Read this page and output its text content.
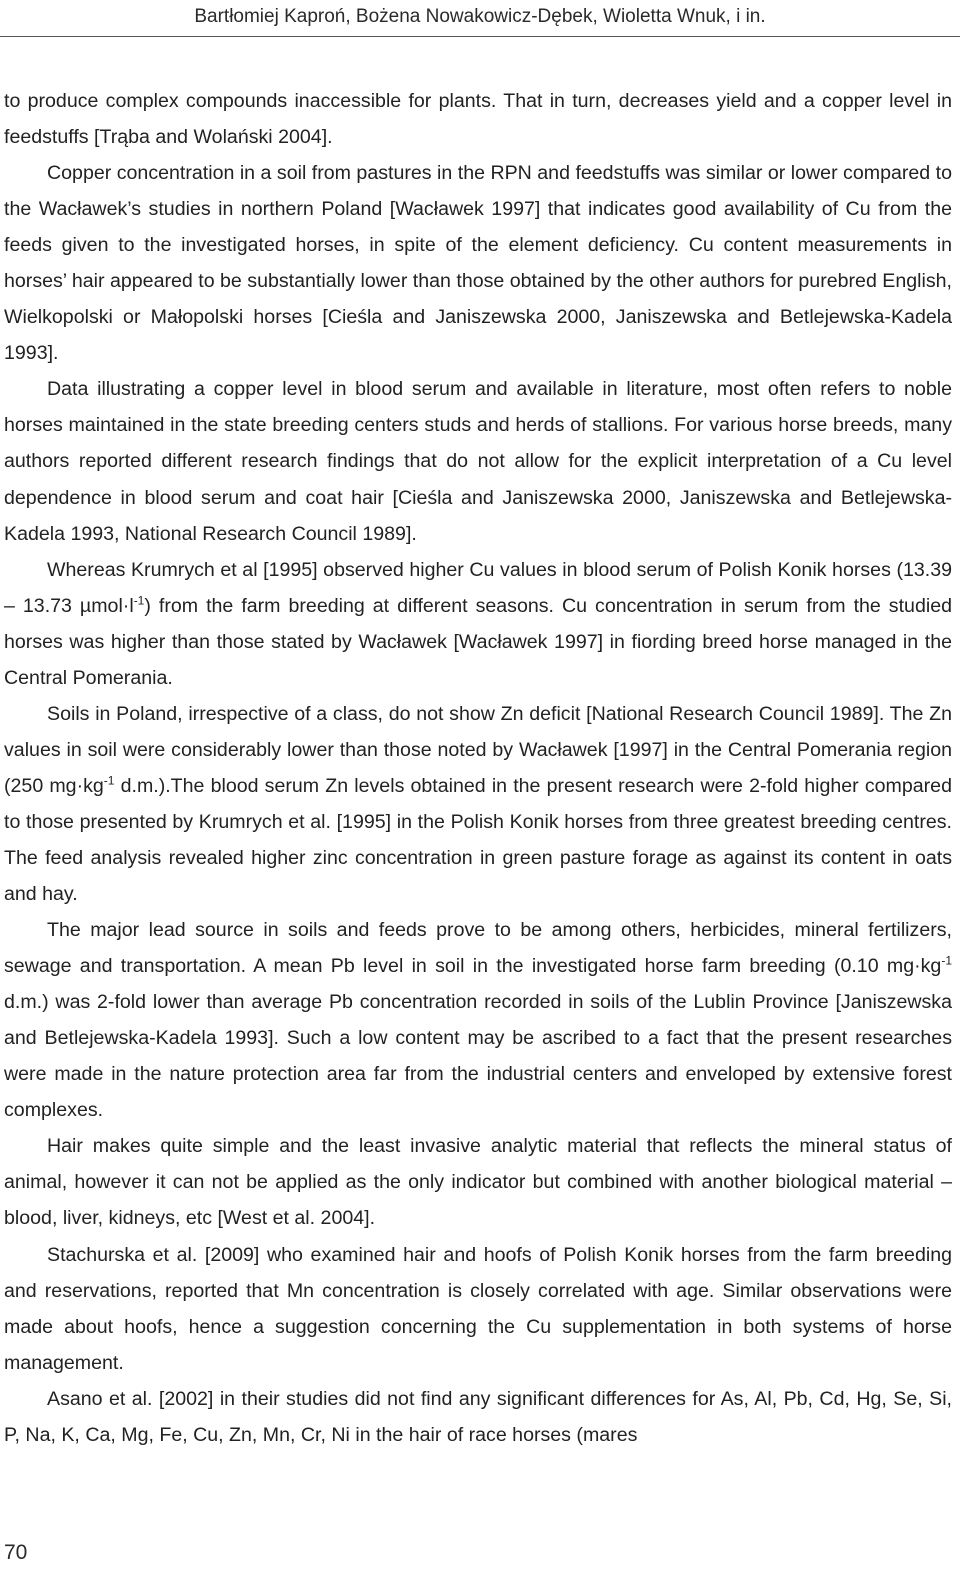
Bartłomiej Kaproń, Bożena Nowakowicz-Dębek, Wioletta Wnuk, i in.

to produce complex compounds inaccessible for plants. That in turn, decreases yield and a copper level in feedstuffs [Trąba and Wolański 2004].

Copper concentration in a soil from pastures in the RPN and feedstuffs was similar or lower compared to the Wacławek’s studies in northern Poland [Wacławek 1997] that indicates good availability of Cu from the feeds given to the investigated horses, in spite of the element deficiency. Cu content measurements in horses’ hair appeared to be substantially lower than those obtained by the other authors for purebred English, Wielkopolski or Małopolski horses [Cieśla and Janiszewska 2000, Janiszewska and Betlejewska-Kadela 1993].

Data illustrating a copper level in blood serum and available in literature, most often refers to noble horses maintained in the state breeding centers studs and herds of stallions. For various horse breeds, many authors reported different research findings that do not allow for the explicit interpretation of a Cu level dependence in blood serum and coat hair [Cieśla and Janiszewska 2000, Janiszewska and Betlejewska-Kadela 1993, National Research Council 1989].

Whereas Krumrych et al [1995] observed higher Cu values in blood serum of Polish Konik horses (13.39 – 13.73 $\mu mol\cdot l^{-1}$) from the farm breeding at different seasons. Cu concentration in serum from the studied horses was higher than those stated by Wacławek [Wacławek 1997] in fiording breed horse managed in the Central Pomerania.

Soils in Poland, irrespective of a class, do not show Zn deficit [National Research Council 1989]. The Zn values in soil were considerably lower than those noted by Wacławek [1997] in the Central Pomerania region (250 $mg\cdot kg^{-1}$ d.m.).The blood serum Zn levels obtained in the present research were 2-fold higher compared to those presented by Krumrych et al. [1995] in the Polish Konik horses from three greatest breeding centres. The feed analysis revealed higher zinc concentration in green pasture forage as against its content in oats and hay.

The major lead source in soils and feeds prove to be among others, herbicides, mineral fertilizers, sewage and transportation. A mean Pb level in soil in the investigated horse farm breeding (0.10 $mg\cdot kg^{-1}$ d.m.) was 2-fold lower than average Pb concentration recorded in soils of the Lublin Province [Janiszewska and Betlejewska-Kadela 1993]. Such a low content may be ascribed to a fact that the present researches were made in the nature protection area far from the industrial centers and enveloped by extensive forest complexes.

Hair makes quite simple and the least invasive analytic material that reflects the mineral status of animal, however it can not be applied as the only indicator but combined with another biological material – blood, liver, kidneys, etc [West et al. 2004].

Stachurska et al. [2009] who examined hair and hoofs of Polish Konik horses from the farm breeding and reservations, reported that Mn concentration is closely correlated with age. Similar observations were made about hoofs, hence a suggestion concerning the Cu supplementation in both systems of horse management.

Asano et al. [2002] in their studies did not find any significant differences for As, Al, Pb, Cd, Hg, Se, Si, P, Na, K, Ca, Mg, Fe, Cu, Zn, Mn, Cr, Ni in the hair of race horses (mares

70
